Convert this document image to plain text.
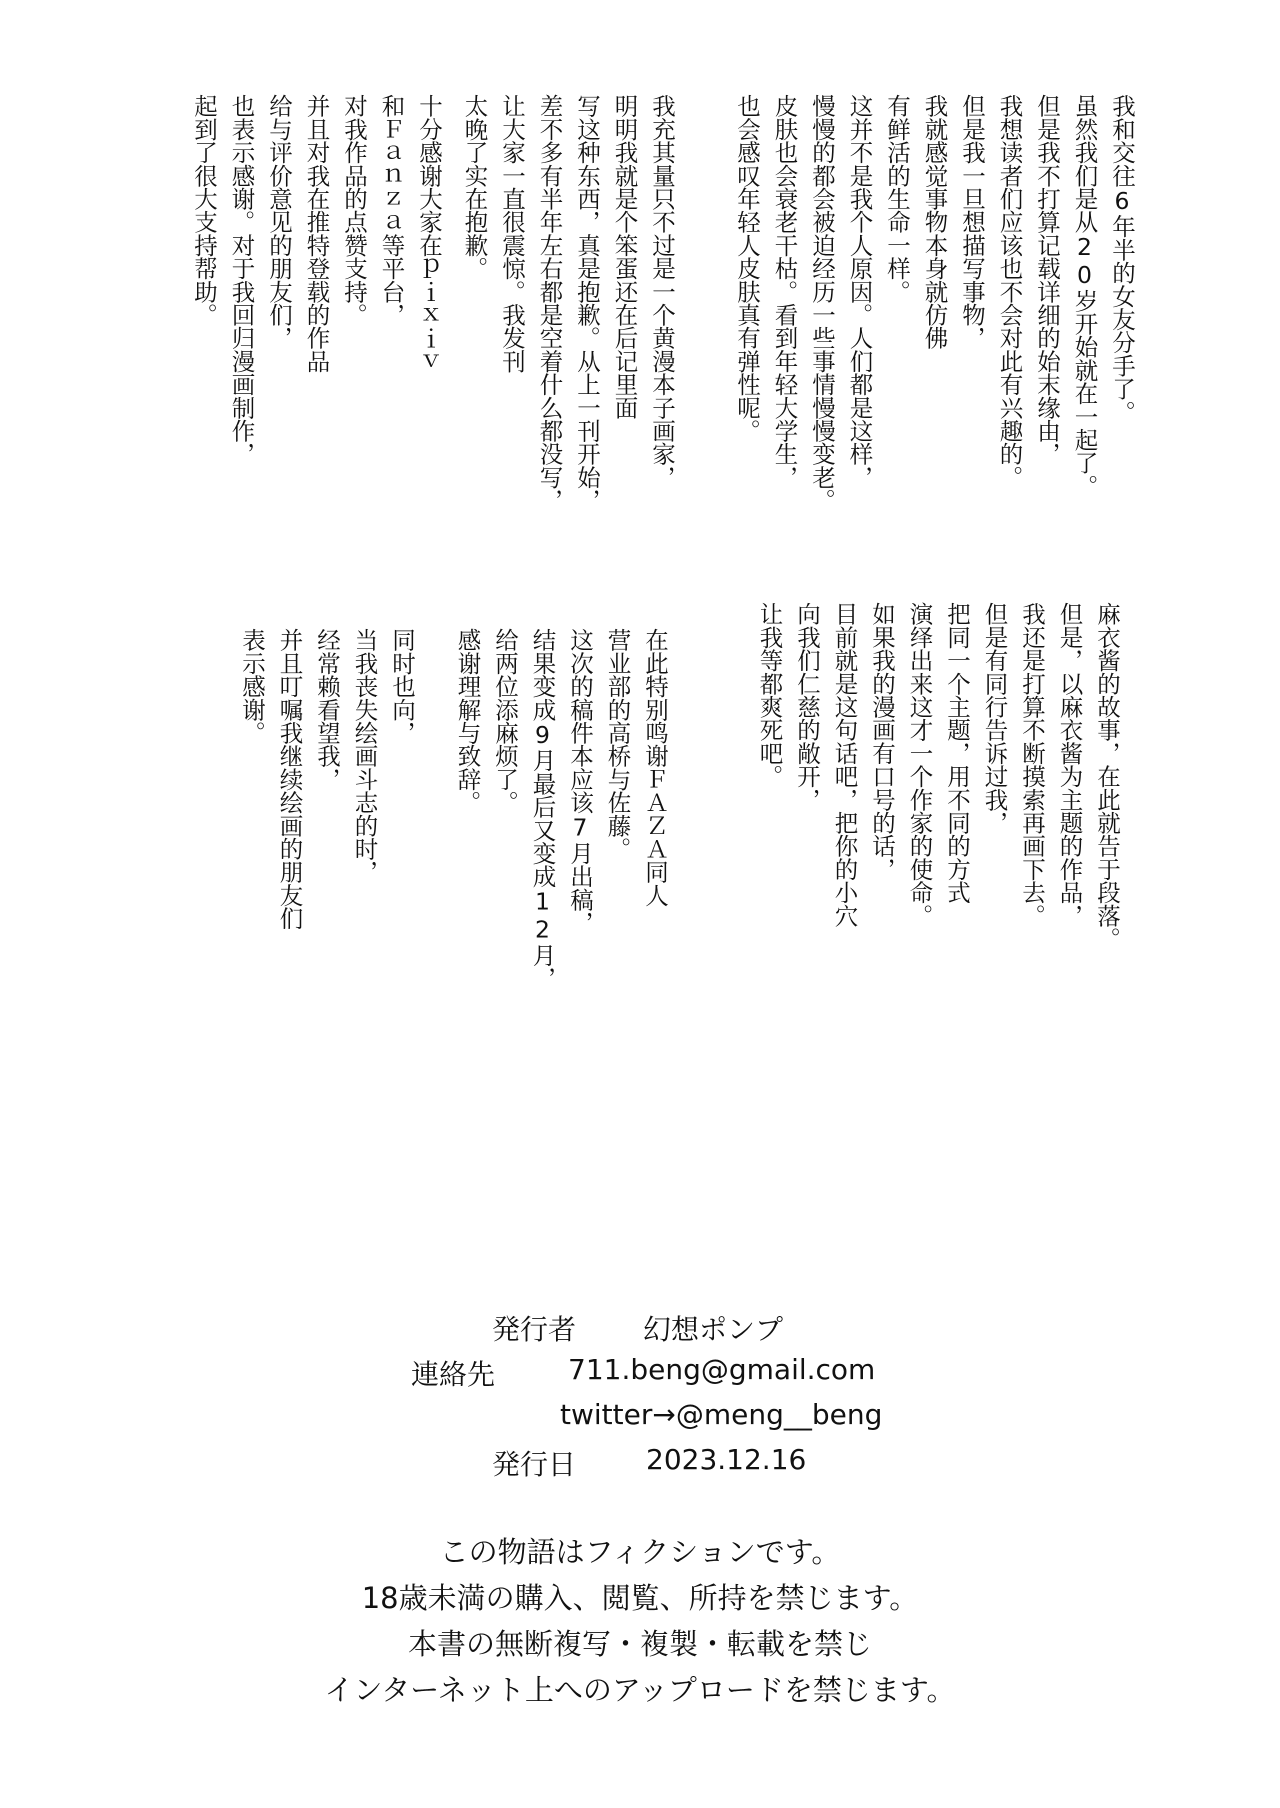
我和交往6年半的女友分手了。
虽然我们是从20岁开始就在一起了。
但是我不打算记载详细的始末缘由，
我想读者们应该也不会对此有兴趣的。
但是我一旦想描写事物，
我就感觉事物本身就仿佛
有鲜活的生命一样。
这并不是我个人原因。人们都是这样，
慢慢的都会被迫经历一些事情慢慢变老。
皮肤也会衰老干枯。看到年轻大学生，
也会感叹年轻人皮肤真有弹性呢。
麻衣酱的故事，在此就告于段落。
但是，以麻衣酱为主题的作品，
我还是打算不断摸索再画下去。
但是有同行告诉过我，
把同一个主题，用不同的方式
演绎出来这才一个作家的使命。
如果我的漫画有口号的话，
目前就是这句话吧，把你的小穴
向我们仁慈的敞开，
让我等都爽死吧。
我充其量只不过是一个黄漫本子画家，
明明我就是个笨蛋还在后记里面
写这种东西，真是抱歉。从上一刊开始，
差不多有半年左右都是空着什么都没写，
让大家一直很震惊。我发刊
太晚了实在抱歉。
在此特别鸣谢ＦＡＺＡ同人
营业部的高桥与佐藤。
这次的稿件本应该7月出稿，
结果变成9月最后又变成12月，
给两位添麻烦了。
感谢理解与致辞。
十分感谢大家在ｐｉｘｉｖ
和Ｆａｎｚａ等平台，
对我作品的点赞支持。
并且对我在推特登载的作品
给与评价意见的朋友们，
也表示感谢。对于我回归漫画制作，
起到了很大支持帮助。
同时也向，
当我丧失绘画斗志的时，
经常赖看望我，
并且叮嘱我继续绘画的朋友们
表示感谢。
発行者 幻想ポンプ
連絡先	711.beng@gmail.com
twitter→@meng__beng
発行日 2023.12.16
この物語はフィクションです。
18歳未満の購入、閲覧、所持を禁じます。
本書の無断複写・複製・転載を禁じ
インターネット上へのアップロードを禁じます。
